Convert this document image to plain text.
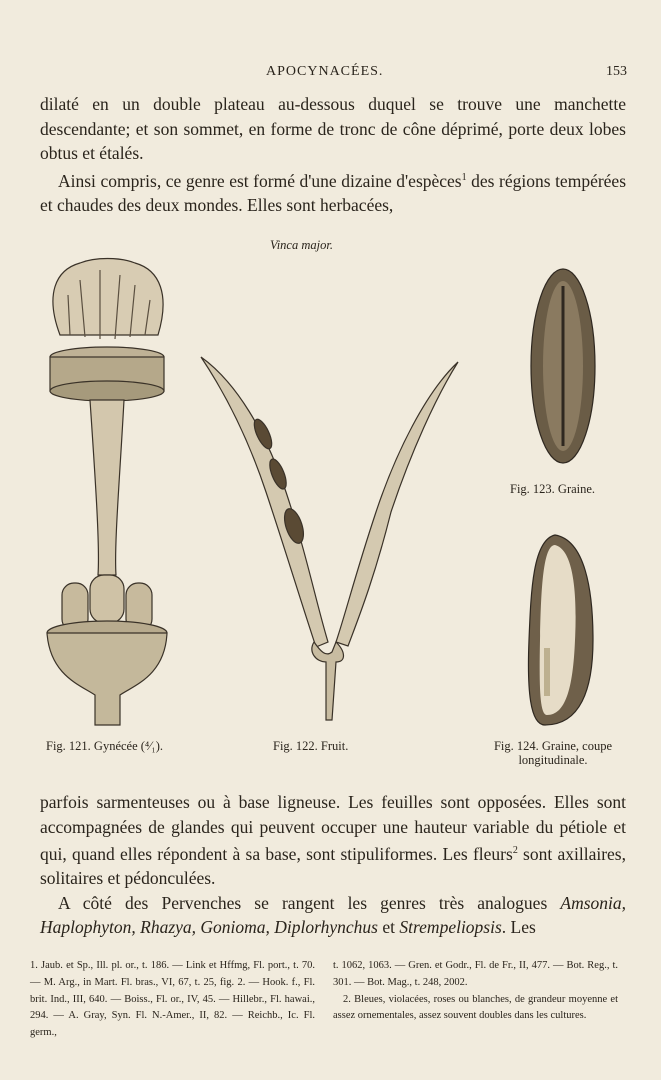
APOCYNACÉES.	153

dilaté en un double plateau au-dessous duquel se trouve une manchette descendante; et son sommet, en forme de tronc de cône déprimé, porte deux lobes obtus et étalés.

Ainsi compris, ce genre est formé d'une dizaine d'espèces$^1$ des régions tempérées et chaudes des deux mondes. Elles sont herbacées,

Vinca major.
Fig. 121. Gynécée (⁴⁄₁).	Fig. 122. Fruit.
Fig. 123. Graine.
Fig. 124. Graine, coupe longitudinale.

parfois sarmenteuses ou à base ligneuse. Les feuilles sont opposées. Elles sont accompagnées de glandes qui peuvent occuper une hauteur variable du pétiole et qui, quand elles répondent à sa base, sont stipuliformes. Les fleurs$^2$ sont axillaires, solitaires et pédonculées.

A côté des Pervenches se rangent les genres très analogues Amsonia, Haplophyton, Rhazya, Gonioma, Diplorhynchus et Strempeliopsis. Les

1. Jaub. et Sp., Ill. pl. or., t. 186. — Link et Hffmg, Fl. port., t. 70. — M. Arg., in Mart. Fl. bras., VI, 67, t. 25, fig. 2. — Hook. f., Fl. brit. Ind., III, 640. — Boiss., Fl. or., IV, 45. — Hillebr., Fl. hawai., 294. — A. Gray, Syn. Fl. N.-Amer., II, 82. — Reichb., Ic. Fl. germ.,

t. 1062, 1063. — Gren. et Godr., Fl. de Fr., II, 477. — Bot. Reg., t. 301. — Bot. Mag., t. 248, 2002.

2. Bleues, violacées, roses ou blanches, de grandeur moyenne et assez ornementales, assez souvent doubles dans les cultures.
